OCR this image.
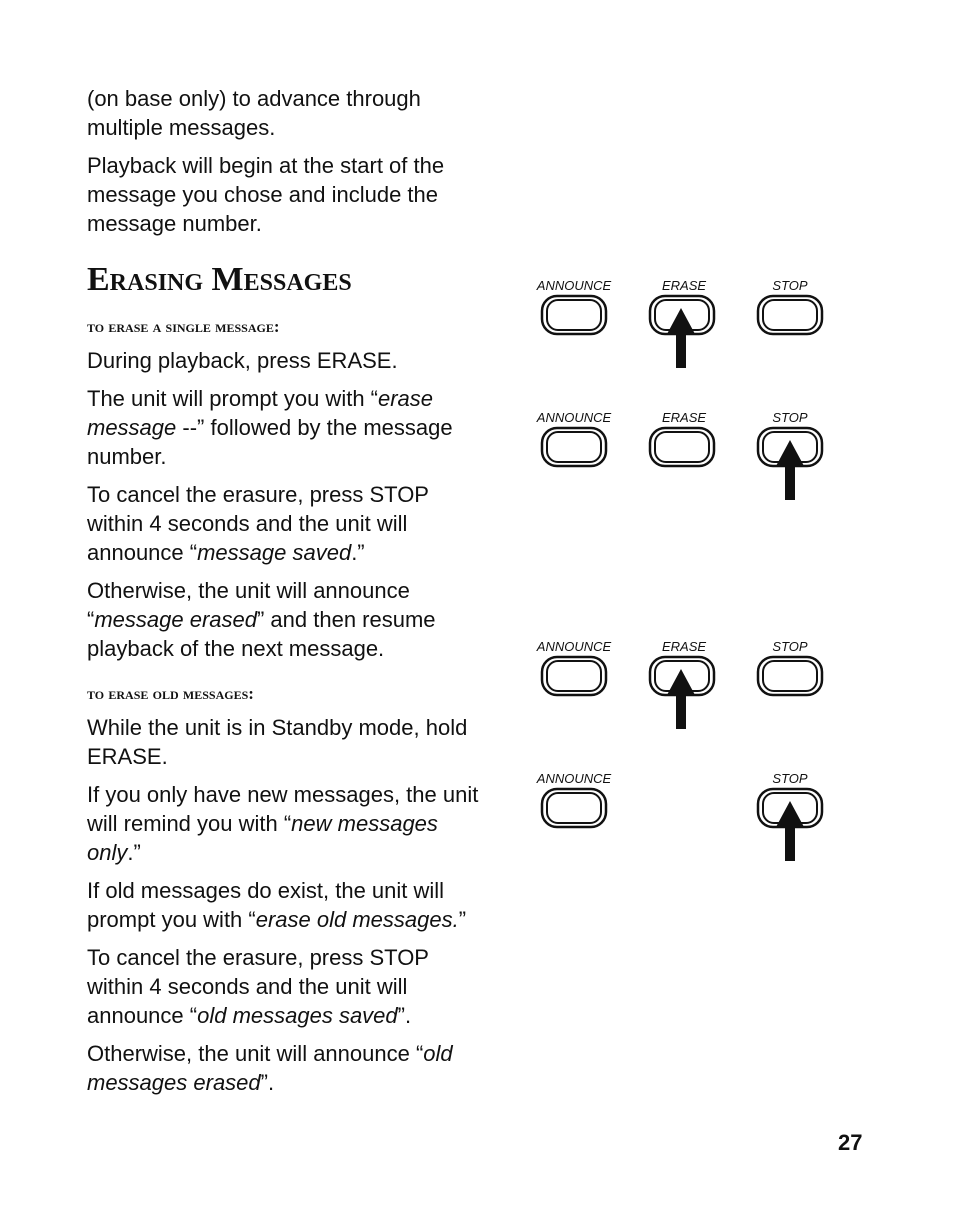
(on base only) to advance through multiple messages.

Playback will begin at the start of the message you chose and include the message number.

Erasing Messages
to erase a single message:

During playback, press ERASE.

The unit will prompt you with “erase message --” followed by the message number.

To cancel the erasure, press STOP within 4 seconds and the unit will announce “message saved.”

Otherwise, the unit will announce “message erased” and then resume playback of the next message.

to erase old messages:

While the unit is in Standby mode, hold ERASE.

If you only have new messages, the unit will remind you with “new messages only.”

If old messages do exist, the unit will prompt you with “erase old messages.”

To cancel the erasure, press STOP within 4 seconds and the unit will announce “old messages saved”.

Otherwise, the unit will announce “old messages erased”.

27
ANNOUNCE	ERASE	STOP
ANNOUNCE	ERASE	STOP
ANNOUNCE	ERASE	STOP
ANNOUNCE	STOP
